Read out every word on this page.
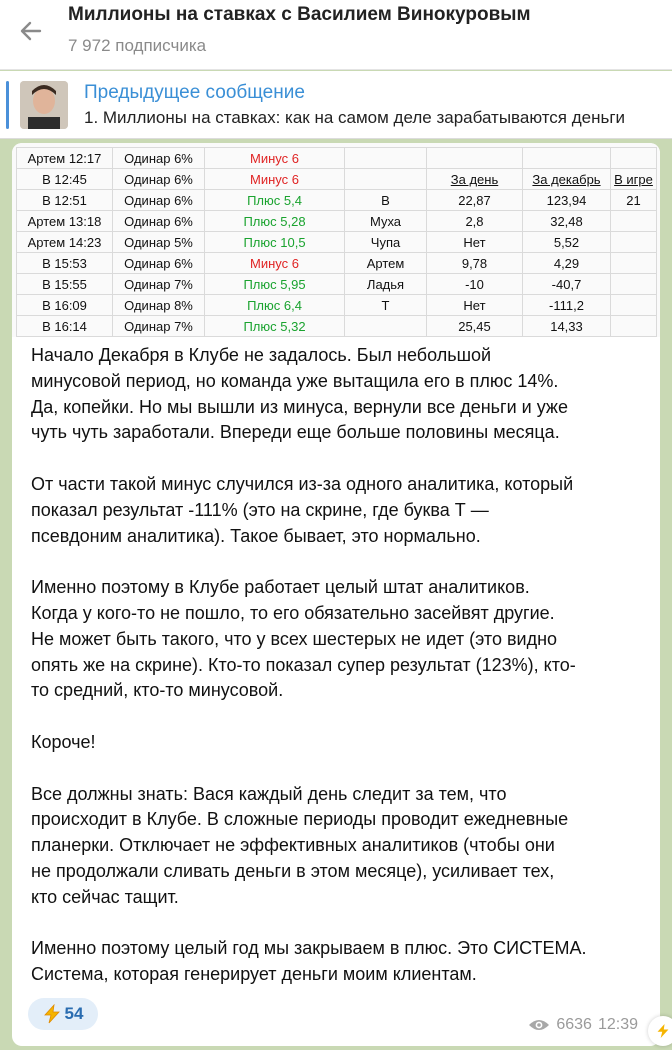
Миллионы на ставках с Василием Винокуровым
7 972 подписчика
Предыдущее сообщение
1. Миллионы на ставках: как на самом деле зарабатываются деньги
Артем 12:17	Одинар 6%	Минус 6				
В 12:45	Одинар 6%	Минус 6		За день	За декабрь	В игре
В 12:51	Одинар 6%	Плюс 5,4	В	22,87	123,94	21
Артем 13:18	Одинар 6%	Плюс 5,28	Муха	2,8	32,48	
Артем 14:23	Одинар 5%	Плюс 10,5	Чупа	Нет	5,52	
В 15:53	Одинар 6%	Минус 6	Артем	9,78	4,29	
В 15:55	Одинар 7%	Плюс 5,95	Ладья	-10	-40,7	
В 16:09	Одинар 8%	Плюс 6,4	Т	Нет	-111,2	
В 16:14	Одинар 7%	Плюс 5,32		25,45	14,33	

Начало Декабря в Клубе не задалось. Был небольшой
минусовой период, но команда уже вытащила его в плюс 14%.
Да, копейки. Но мы вышли из минуса, вернули все деньги и уже
чуть чуть заработали. Впереди еще больше половины месяца.

От части такой минус случился из-за одного аналитика, который
показал результат -111% (это на скрине, где буква Т —
псевдоним аналитика). Такое бывает, это нормально.

Именно поэтому в Клубе работает целый штат аналитиков.
Когда у кого-то не пошло, то его обязательно засейвят другие.
Не может быть такого, что у всех шестерых не идет (это видно
опять же на скрине). Кто-то показал супер результат (123%), кто-
то средний, кто-то минусовой.

Короче!

Все должны знать: Вася каждый день следит за тем, что
происходит в Клубе. В сложные периоды проводит ежедневные
планерки. Отключает не эффективных аналитиков (чтобы они
не продолжали сливать деньги в этом месяце), усиливает тех,
кто сейчас тащит.

Именно поэтому целый год мы закрываем в плюс. Это СИСТЕМА.
Система, которая генерирует деньги моим клиентам.

54
6636 12:39
